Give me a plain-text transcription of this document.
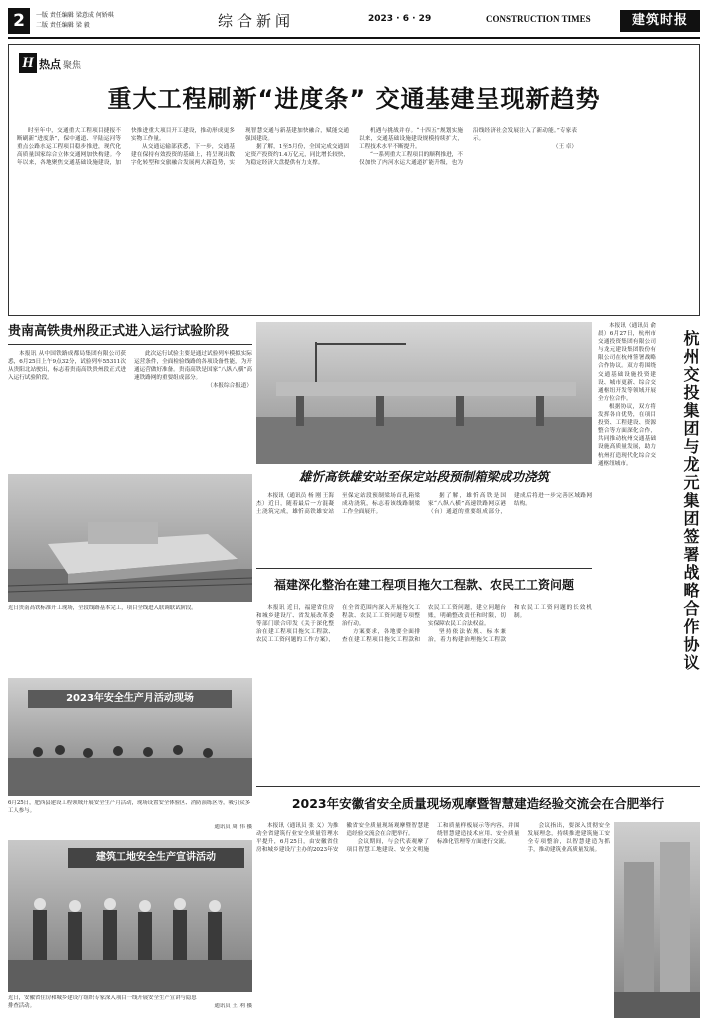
2	一版 责任编辑 梁意成 何娇琪
二版 责任编辑 梁 毅	综合新闻	2023 · 6 · 29	CONSTRUCTION TIMES	建筑时报
H 热点 聚焦
重大工程刷新“进度条” 交通基建呈现新趋势

时至年中，交通重大工程项目捷报不断刷新“进度条”，保中通道、平陆运河等重点公路水运工程项目稳步推进，现代化高质量国家综合立体交通网加快构建。今年以来，各地聚焦交通基础设施建设，加快推进重大项目开工建设，推动形成更多实物工作量。

从交通运输部获悉，下一步，交通基建在保持有效投资的基础上，将呈现出数字化转型和交旅融合发展两大新趋势，实现智慧交通与新基建加快融合，赋能交通强国建设。

据了解，1至5月份，全国完成交通固定资产投资约1.4万亿元，同比增长较快，为稳定经济大盘提供有力支撑。

机遇与挑战并存。“十四五”规划实施以来，交通基础设施建设规模持续扩大，工程技术水平不断提升。

“一系列重大工程项目的顺利推进，不仅加快了内河水运大通道扩能升级，也为沿线经济社会发展注入了新动能。”专家表示。

（王 卓）

贵南高铁贵州段正式进入运行试验阶段

本报讯 从中国铁路成都局集团有限公司获悉，6月25日上午9点32分，试验列车55311次从贵阳北站驶出，标志着贵南高铁贵州段正式进入运行试验阶段。

此次运行试验主要是通过试验列车模拟实际运营条件，全面检验线路的各项设备性能，为开通运营做好准备。贵南高铁是国家“八纵八横”高速铁路网的重要组成部分。

（本报综合报道）

近日贵南高铁标准开工现场，全段线路基本完工，项目全线进入联调联试阶段。
2023年安全生产月活动现场
6月25日，肥西县建设工程领域开展安全生产月活动，现场设置安全体验区、消防演练区等，吸引众多工人参与。
通讯员 周 伟 摄
建筑工地安全生产宣讲活动
近日，安徽省住房和城乡建设厅组织专家深入项目一线开展安全生产宣讲与隐患排查活动。	通讯员 王 利 摄
雄忻高铁雄安站至保定站段预制箱梁成功浇筑

本报讯（通讯员 杨 刚 王海杰）近日，随着最后一方混凝土浇筑完成，雄忻高铁雄安站至保定站段预制梁场首孔箱梁成功浇筑，标志着该线路制梁工作全面展开。

据了解，雄忻高铁是国家“八纵八横”高速铁路网京港（台）通道的重要组成部分，建成后将进一步完善区域路网结构。

福建深化整治在建工程项目拖欠工程款、农民工工资问题

本报讯 近日，福建省住房和城乡建设厅、省发展改革委等部门联合印发《关于深化整治在建工程项目拖欠工程款、农民工工资问题的工作方案》，在全省范围内深入开展拖欠工程款、农民工工资问题专项整治行动。

方案要求，各地要全面排查在建工程项目拖欠工程款和农民工工资问题，建立问题台账，明确整改责任和时限，切实保障农民工合法权益。

坚持依法依规、标本兼治，着力构建治理拖欠工程款和农民工工资问题的长效机制。

本报讯（通讯员 俞 晨）6月27日，杭州市交通投资集团有限公司与龙元建设集团股份有限公司在杭州签署战略合作协议。双方将围绕交通基础设施投资建设、城市更新、综合交通枢纽开发等领域开展全方位合作。

根据协议，双方将发挥各自优势，在项目投资、工程建设、资源整合等方面深化合作，共同推动杭州交通基础设施高质量发展，助力杭州打造现代化综合交通枢纽城市。	杭州交投集团与龙元集团签署战略合作协议
2023年安徽省安全质量现场观摩暨智慧建造经验交流会在合肥举行

本报讯（通讯员 张 义）为推动全省建筑行业安全质量管理水平提升，6月25日，由安徽省住房和城乡建设厅主办的2023年安徽省安全质量现场观摩暨智慧建造经验交流会在合肥举行。

会议期间，与会代表观摩了项目智慧工地建设、安全文明施工和质量样板展示等内容，并围绕智慧建造技术应用、安全质量标准化管理等方面进行交流。

会议指出，要深入贯彻安全发展理念，持续推进建筑施工安全专项整治，以智慧建造为抓手，推动建筑业高质量发展。
